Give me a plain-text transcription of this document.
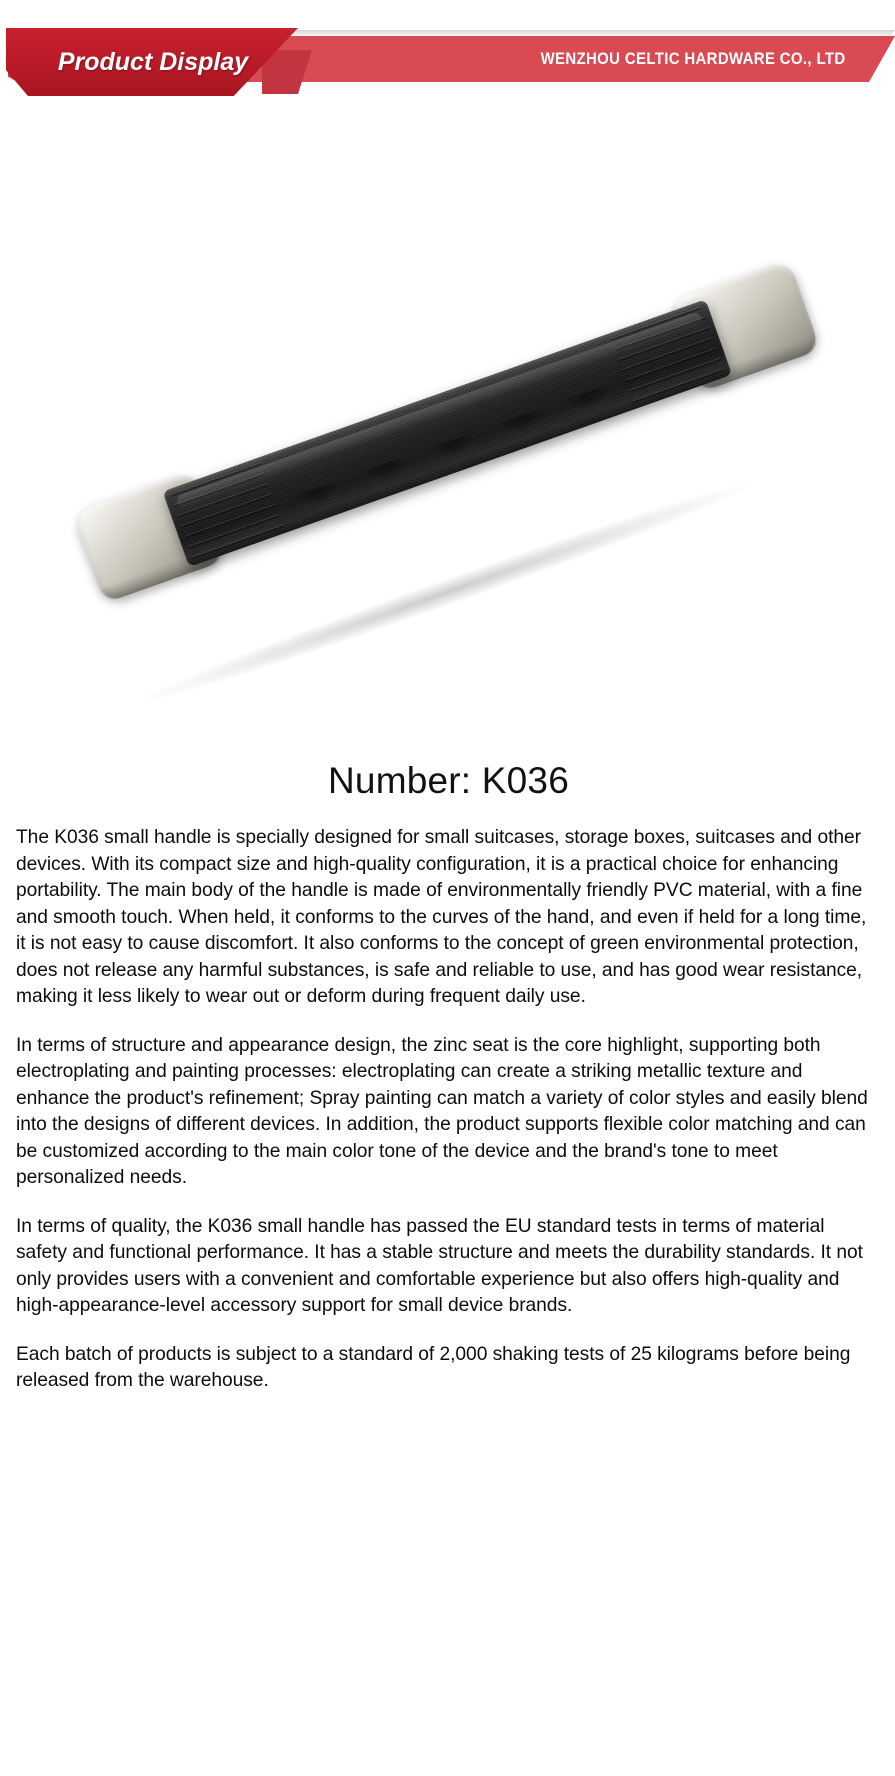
WENZHOU CELTIC HARDWARE CO., LTD
Product Display
Number: K036

The K036 small handle is specially designed for small suitcases, storage boxes, suitcases and other devices. With its compact size and high-quality configuration, it is a practical choice for enhancing portability. The main body of the handle is made of environmentally friendly PVC material, with a fine and smooth touch. When held, it conforms to the curves of the hand, and even if held for a long time, it is not easy to cause discomfort. It also conforms to the concept of green environmental protection, does not release any harmful substances, is safe and reliable to use, and has good wear resistance, making it less likely to wear out or deform during frequent daily use.

In terms of structure and appearance design, the zinc seat is the core highlight, supporting both electroplating and painting processes: electroplating can create a striking metallic texture and enhance the product's refinement; Spray painting can match a variety of color styles and easily blend into the designs of different devices. In addition, the product supports flexible color matching and can be customized according to the main color tone of the device and the brand's tone to meet personalized needs.

In terms of quality, the K036 small handle has passed the EU standard tests in terms of material safety and functional performance. It has a stable structure and meets the durability standards. It not only provides users with a convenient and comfortable experience but also offers high-quality and high-appearance-level accessory support for small device brands.

Each batch of products is subject to a standard of 2,000 shaking tests of 25 kilograms before being released from the warehouse.
